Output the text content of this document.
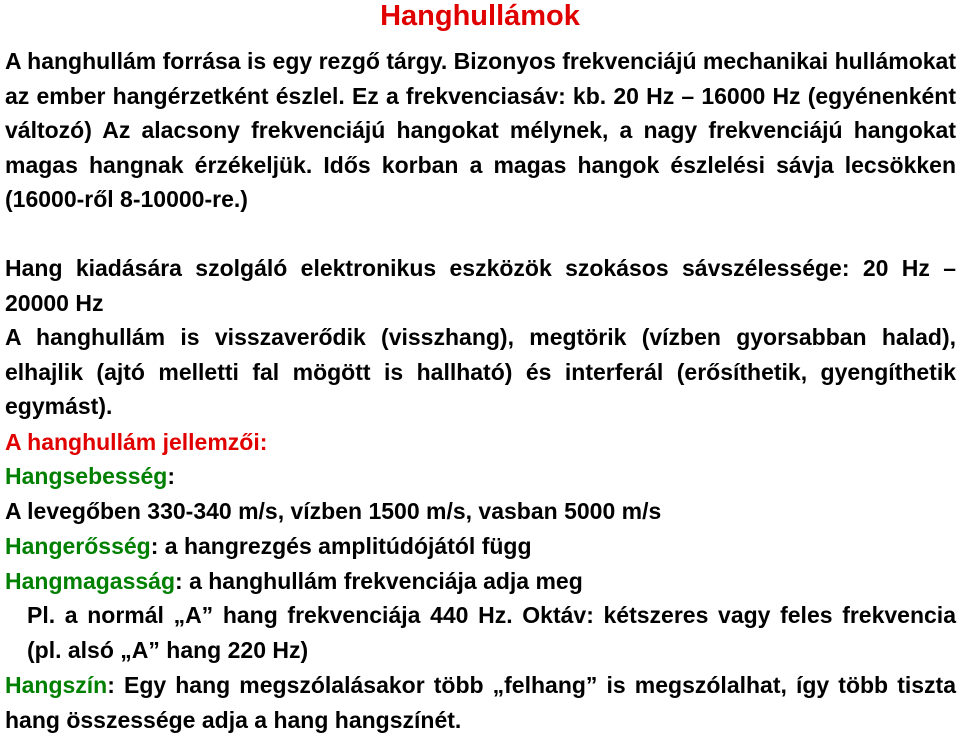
Hanghullámok
A hanghullám forrása is egy rezgő tárgy. Bizonyos frekvenciájú mechanikai hullámokat az ember hangérzetként észlel. Ez a frekvenciasáv: kb. 20 Hz – 16000 Hz (egyénenként változó) Az alacsony frekvenciájú hangokat mélynek, a nagy frekvenciájú hangokat magas hangnak érzékeljük. Idős korban a magas hangok észlelési sávja lecsökken (16000-ről 8-10000-re.)
Hang kiadására szolgáló elektronikus eszközök szokásos sávszélessége: 20 Hz – 20000 Hz
A hanghullám is visszaverődik (visszhang), megtörik (vízben gyorsabban halad), elhajlik (ajtó melletti fal mögött is hallható) és interferál (erősíthetik, gyengíthetik egymást).
A hanghullám jellemzői:
Hangsebesség:
A levegőben 330-340 m/s, vízben 1500 m/s, vasban 5000 m/s
Hangerősség: a hangrezgés amplitúdójától függ
Hangmagasság: a hanghullám frekvenciája adja meg
Pl. a normál „A” hang frekvenciája 440 Hz. Oktáv: kétszeres vagy feles frekvencia (pl. alsó „A” hang 220 Hz)
Hangszín: Egy hang megszólalásakor több „felhang” is megszólalhat, így több tiszta hang összessége adja a hang hangszínét.
